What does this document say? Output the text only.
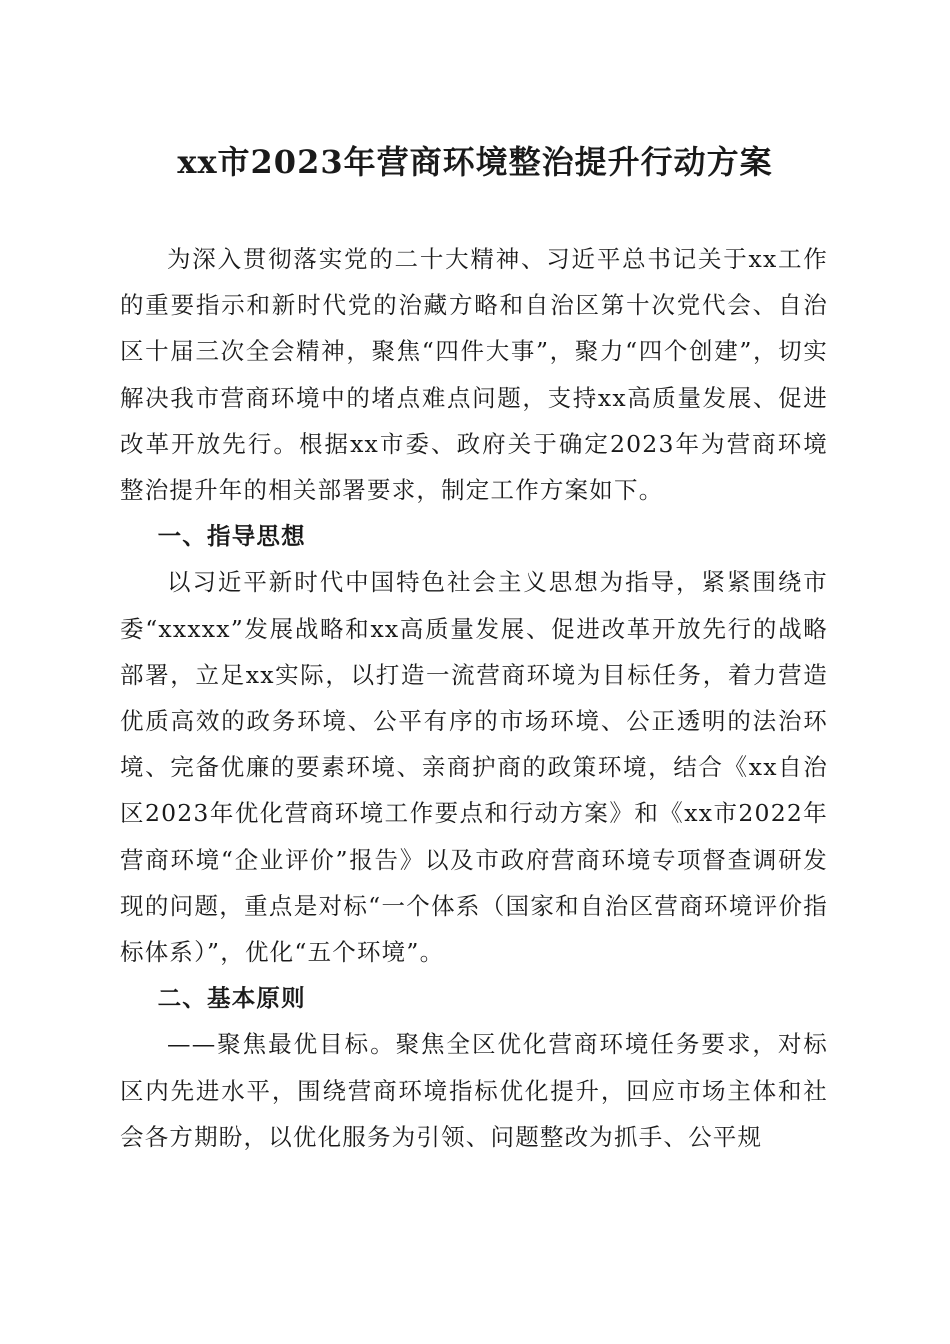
xx市2023年营商环境整治提升行动方案

为深入贯彻落实党的二十大精神、习近平总书记关于xx工作的重要指示和新时代党的治藏方略和自治区第十次党代会、自治区十届三次全会精神，聚焦“四件大事”，聚力“四个创建”，切实解决我市营商环境中的堵点难点问题，支持xx高质量发展、促进改革开放先行。根据xx市委、政府关于确定2023年为营商环境整治提升年的相关部署要求，制定工作方案如下。

一、指导思想

以习近平新时代中国特色社会主义思想为指导，紧紧围绕市委“xxxxx”发展战略和xx高质量发展、促进改革开放先行的战略部署，立足xx实际，以打造一流营商环境为目标任务，着力营造优质高效的政务环境、公平有序的市场环境、公正透明的法治环境、完备优廉的要素环境、亲商护商的政策环境，结合《xx自治区2023年优化营商环境工作要点和行动方案》和《xx市2022年营商环境“企业评价”报告》以及市政府营商环境专项督查调研发现的问题，重点是对标“一个体系（国家和自治区营商环境评价指标体系）”，优化“五个环境”。

二、基本原则

——聚焦最优目标。聚焦全区优化营商环境任务要求，对标区内先进水平，围绕营商环境指标优化提升，回应市场主体和社会各方期盼，以优化服务为引领、问题整改为抓手、公平规
